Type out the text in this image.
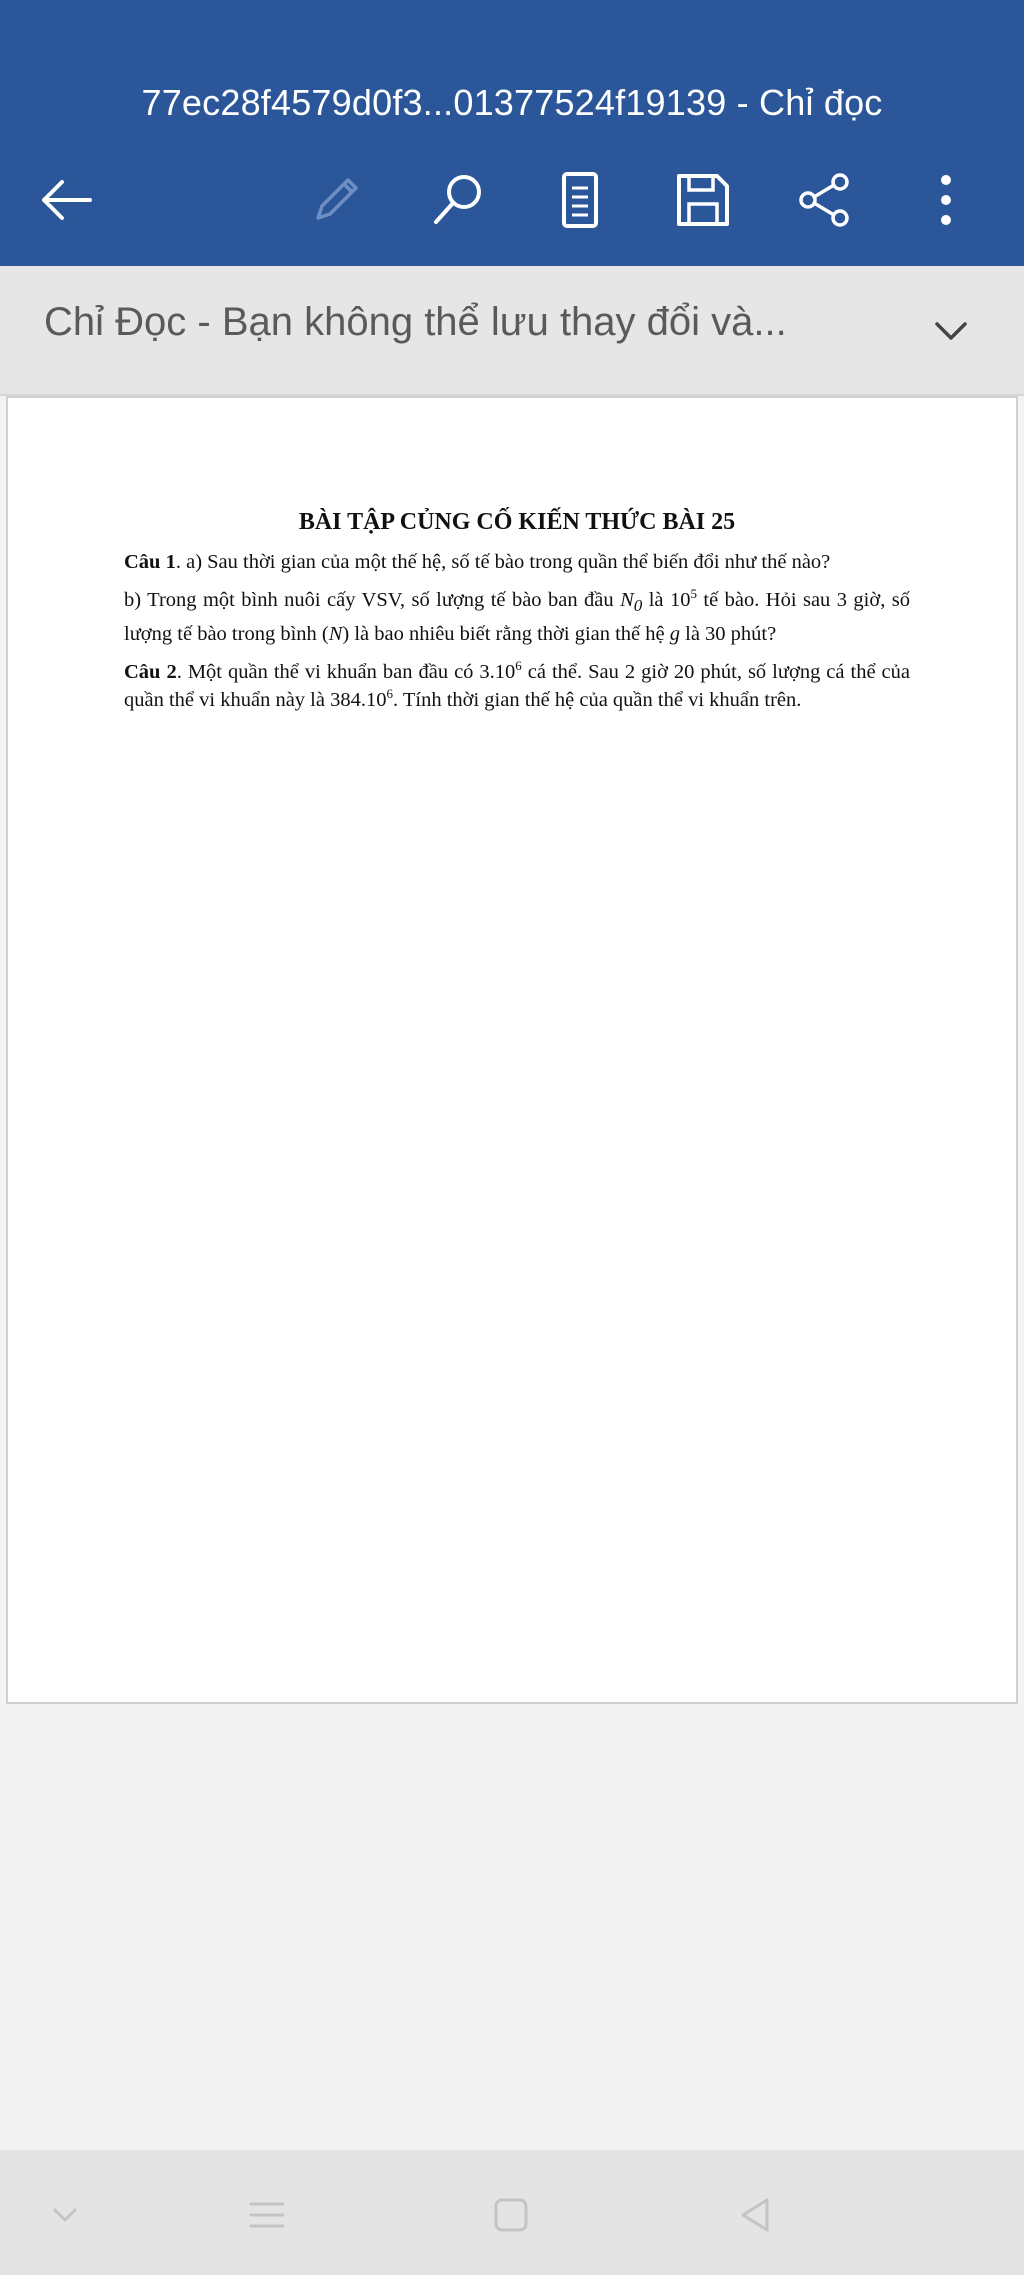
77ec28f4579d0f3...01377524f19139 - Chỉ đọc
Chỉ Đọc - Bạn không thể lưu thay đổi và...
BÀI TẬP CỦNG CỐ KIẾN THỨC BÀI 25

Câu 1. a) Sau thời gian của một thế hệ, số tế bào trong quần thể biến đổi như thế nào?

b) Trong một bình nuôi cấy VSV, số lượng tế bào ban đầu $N_0$ là $10^5$ tế bào. Hỏi sau 3 giờ, số lượng tế bào trong bình (N) là bao nhiêu biết rằng thời gian thế hệ g là 30 phút?

Câu 2. Một quần thể vi khuẩn ban đầu có 3.10$^6$ cá thể. Sau 2 giờ 20 phút, số lượng cá thể của quần thể vi khuẩn này là 384.10$^6$. Tính thời gian thế hệ của quần thể vi khuẩn trên.
